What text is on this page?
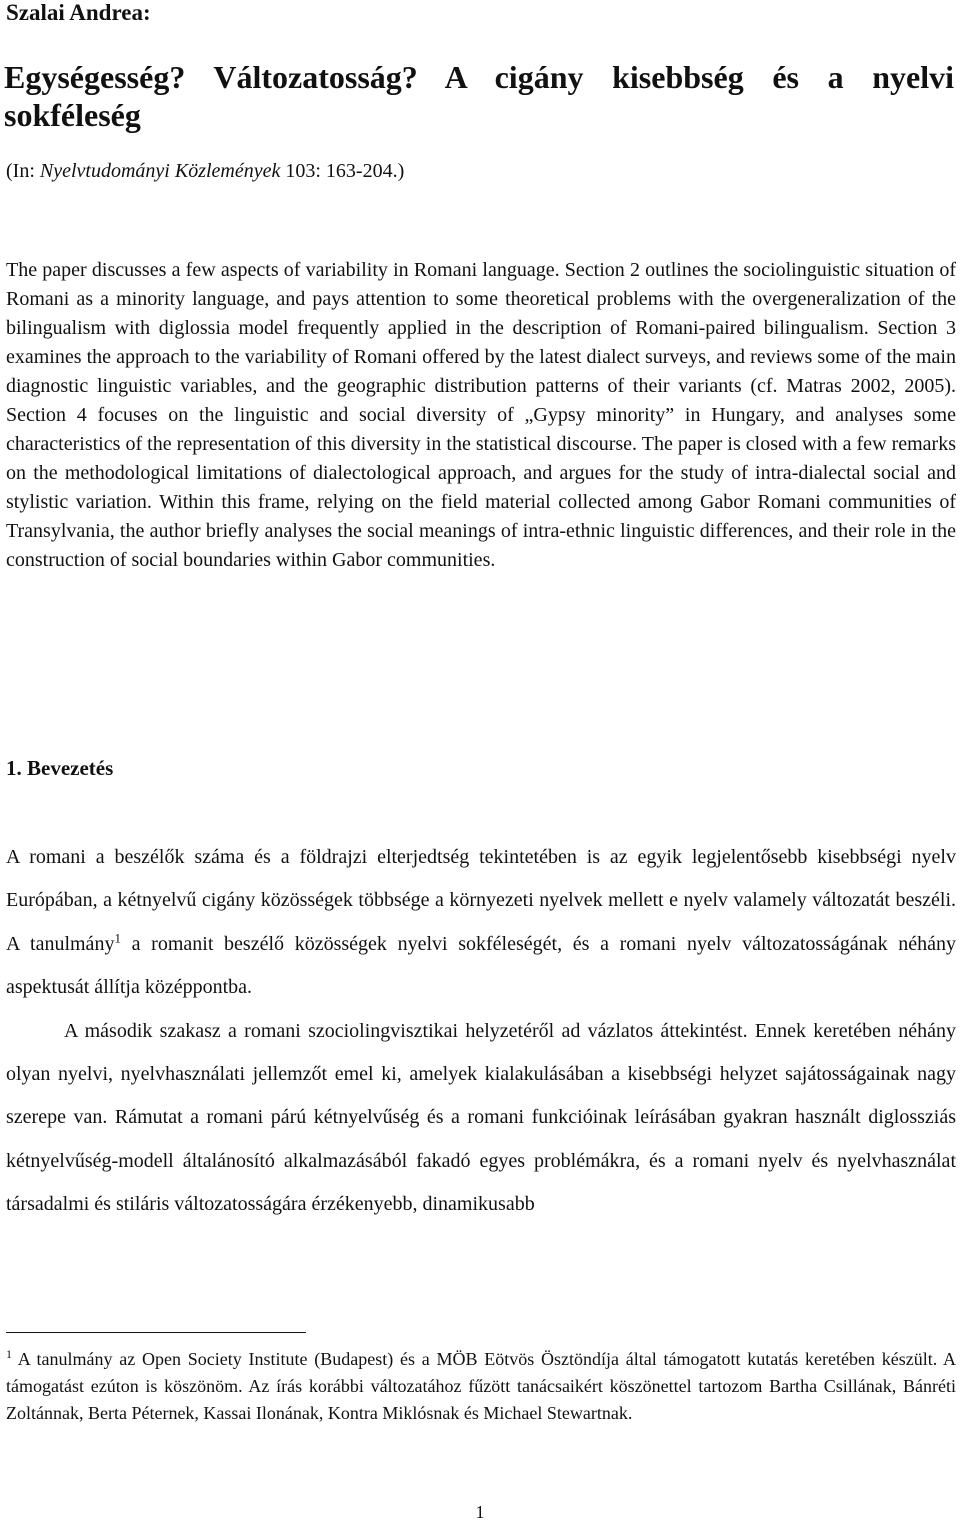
Szalai Andrea:
Egységesség? Változatosság? A cigány kisebbség és a nyelvi
sokféleség
(In: Nyelvtudományi Közlemények 103: 163-204.)

The paper discusses a few aspects of variability in Romani language. Section 2 outlines the sociolinguistic situation of Romani as a minority language, and pays attention to some theoretical problems with the overgeneralization of the bilingualism with diglossia model frequently applied in the description of Romani-paired bilingualism. Section 3 examines the approach to the variability of Romani offered by the latest dialect surveys, and reviews some of the main diagnostic linguistic variables, and the geographic distribution patterns of their variants (cf. Matras 2002, 2005). Section 4 focuses on the linguistic and social diversity of „Gypsy minority” in Hungary, and analyses some characteristics of the representation of this diversity in the statistical discourse. The paper is closed with a few remarks on the methodological limitations of dialectological approach, and argues for the study of intra-dialectal social and stylistic variation. Within this frame, relying on the field material collected among Gabor Romani communities of Transylvania, the author briefly analyses the social meanings of intra-ethnic linguistic differences, and their role in the construction of social boundaries within Gabor communities.

1. Bevezetés

A romani a beszélők száma és a földrajzi elterjedtség tekintetében is az egyik legjelentősebb kisebbségi nyelv Európában, a kétnyelvű cigány közösségek többsége a környezeti nyelvek mellett e nyelv valamely változatát beszéli. A tanulmány$^1$ a romanit beszélő közösségek nyelvi sokféleségét, és a romani nyelv változatosságának néhány aspektusát állítja középpontba.
A második szakasz a romani szociolingvisztikai helyzetéről ad vázlatos áttekintést. Ennek keretében néhány olyan nyelvi, nyelvhasználati jellemzőt emel ki, amelyek kialakulásában a kisebbségi helyzet sajátosságainak nagy szerepe van. Rámutat a romani párú kétnyelvűség és a romani funkcióinak leírásában gyakran használt diglossziás kétnyelvűség-modell általánosító alkalmazásából fakadó egyes problémákra, és a romani nyelv és nyelvhasználat társadalmi és stiláris változatosságára érzékenyebb, dinamikusabb

$^1$ A tanulmány az Open Society Institute (Budapest) és a MÖB Eötvös Ösztöndíja által támogatott kutatás keretében készült. A támogatást ezúton is köszönöm. Az írás korábbi változatához fűzött tanácsaikért köszönettel tartozom Bartha Csillának, Bánréti Zoltánnak, Berta Péternek, Kassai Ilonának, Kontra Miklósnak és Michael Stewartnak.

1
